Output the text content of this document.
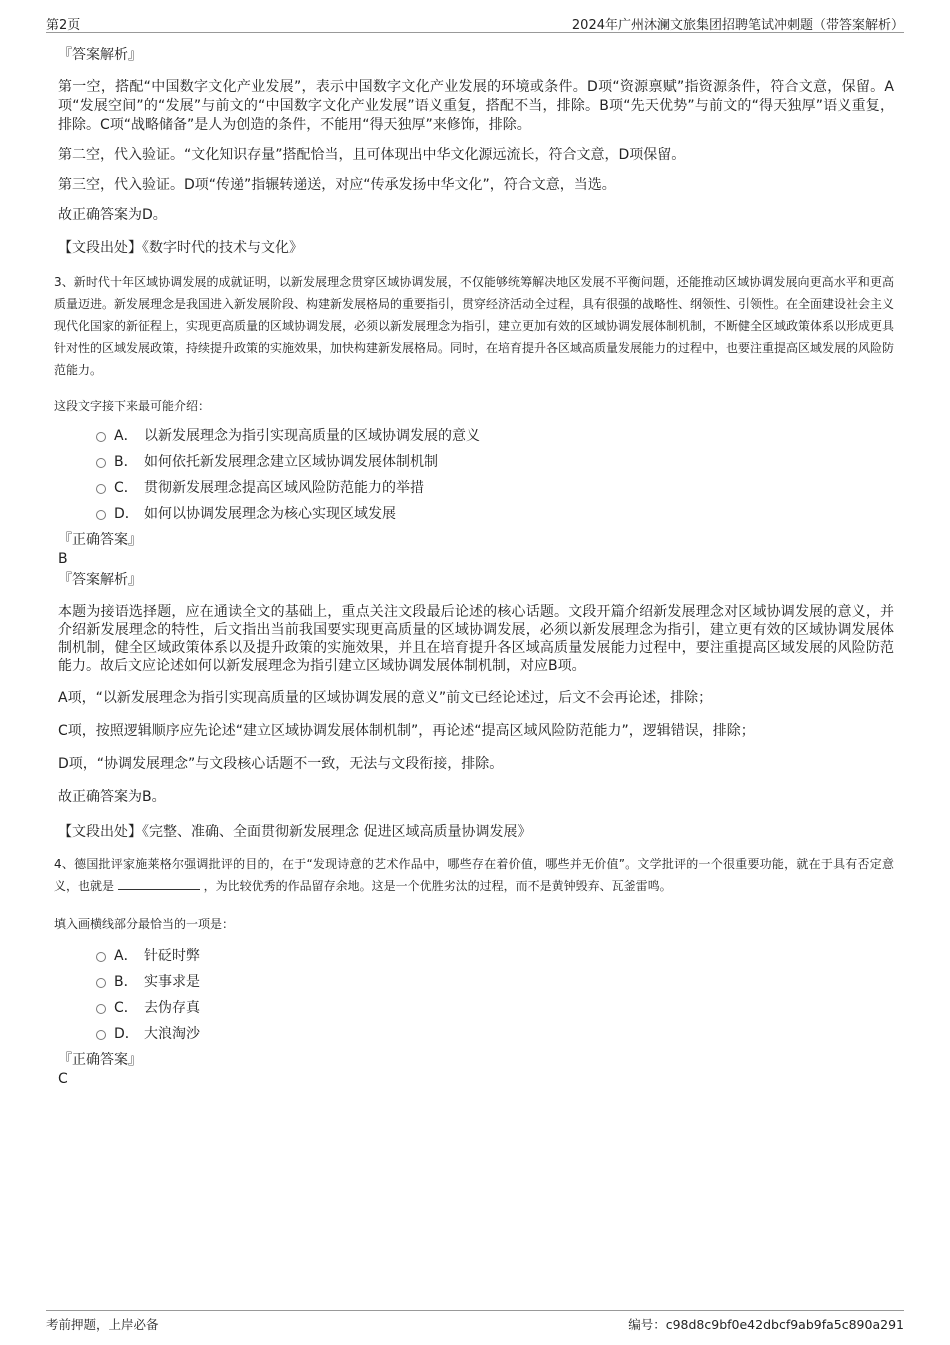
第2页	2024年广州沐澜文旅集团招聘笔试冲刺题（带答案解析）
『答案解析』
第一空，搭配“中国数字文化产业发展”，表示中国数字文化产业发展的环境或条件。D项“资源禀赋”指资源条件，符合文意，保留。A项“发展空间”的“发展”与前文的“中国数字文化产业发展”语义重复，搭配不当，排除。B项“先天优势”与前文的“得天独厚”语义重复，排除。C项“战略储备”是人为创造的条件，不能用“得天独厚”来修饰，排除。
第二空，代入验证。“文化知识存量”搭配恰当，且可体现出中华文化源远流长，符合文意，D项保留。
第三空，代入验证。D项“传递”指辗转递送，对应“传承发扬中华文化”，符合文意，当选。
故正确答案为D。
【文段出处】《数字时代的技术与文化》
3、新时代十年区域协调发展的成就证明，以新发展理念贯穿区域协调发展，不仅能够统筹解决地区发展不平衡问题，还能推动区域协调发展向更高水平和更高质量迈进。新发展理念是我国进入新发展阶段、构建新发展格局的重要指引，贯穿经济活动全过程，具有很强的战略性、纲领性、引领性。在全面建设社会主义现代化国家的新征程上，实现更高质量的区域协调发展，必须以新发展理念为指引，建立更加有效的区域协调发展体制机制，不断健全区域政策体系以形成更具针对性的区域发展政策，持续提升政策的实施效果，加快构建新发展格局。同时，在培育提升各区域高质量发展能力的过程中，也要注重提高区域发展的风险防范能力。
这段文字接下来最可能介绍：
A． 以新发展理念为指引实现高质量的区域协调发展的意义
B． 如何依托新发展理念建立区域协调发展体制机制
C． 贯彻新发展理念提高区域风险防范能力的举措
D． 如何以协调发展理念为核心实现区域发展
『正确答案』
B
『答案解析』
本题为接语选择题，应在通读全文的基础上，重点关注文段最后论述的核心话题。文段开篇介绍新发展理念对区域协调发展的意义，并介绍新发展理念的特性，后文指出当前我国要实现更高质量的区域协调发展，必须以新发展理念为指引，建立更有效的区域协调发展体制机制，健全区域政策体系以及提升政策的实施效果，并且在培育提升各区域高质量发展能力过程中，要注重提高区域发展的风险防范能力。故后文应论述如何以新发展理念为指引建立区域协调发展体制机制，对应B项。
A项，“以新发展理念为指引实现高质量的区域协调发展的意义”前文已经论述过，后文不会再论述，排除；
C项，按照逻辑顺序应先论述“建立区域协调发展体制机制”，再论述“提高区域风险防范能力”，逻辑错误，排除；
D项，“协调发展理念”与文段核心话题不一致，无法与文段衔接，排除。
故正确答案为B。
【文段出处】《完整、准确、全面贯彻新发展理念 促进区域高质量协调发展》
4、德国批评家施莱格尔强调批评的目的，在于“发现诗意的艺术作品中，哪些存在着价值，哪些并无价值”。文学批评的一个很重要功能，就在于具有否定意义，也就是	，为比较优秀的作品留存余地。这是一个优胜劣汰的过程，而不是黄钟毁弃、瓦釜雷鸣。
填入画横线部分最恰当的一项是：
A． 针砭时弊
B． 实事求是
C． 去伪存真
D． 大浪淘沙
『正确答案』
C
考前押题，上岸必备	编号：c98d8c9bf0e42dbcf9ab9fa5c890a291
